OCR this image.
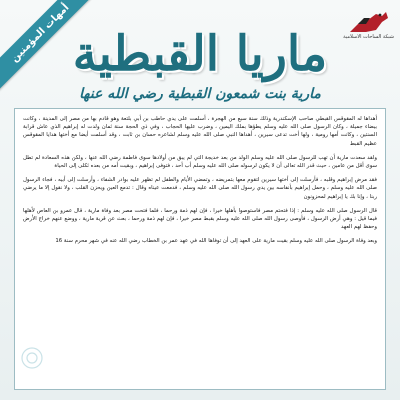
أمهات المؤمنين	شبكة الساحات الاسلامية
ماريا القبطية
مارية بنت شمعون القبطية رضي الله عنها

أهداها له المقوقس القبطي صاحب الإسكندرية وذلك سنة سبع من الهجرة ، أسلمت على يدي حاطب بن أبي بلتعة وهو قادم بها من مصر إلى المدينة ، وكانت بيضاء جميلة ، وكان الرسول صلى الله عليه وسلم يطؤها بملك اليمين ، وضرب عليها الحجاب ، وفي ذي الحجة سنة ثمان ولدت له إبراهيم الذي عاش قرابة السنتين ، وكانت أمها رومية ، ولها أخت تدعى سيرين ، أهداها النبي صلى الله عليه وسلم لشاعره حسان بن ثابت ، وقد أسلمت أيضا مع أختها هدايا المقوقس عظيم القبط

ولقد سعدت مارية أن تهب للرسول صلى الله عليه وسلم الولد من بعد خديجة التي لم يبق من أولادها سوى فاطمة رضي الله عنها ، ولكن هذه السعادة لم تطل سوى أقل من عامين ، حيث قدر الله تعالى أن لا يكون لرسوله صلى الله عليه وسلم أب أحد ، فتوفى إبراهيم ، وبقيت أمه من بعده ثكلى إلى الحياة

فقد مرض إبراهيم وقلبه ، فأرسلت إلى أختها سيرين لتقوم معها بتمريضه ، وتمضي الأيام والطفل لم تظهر عليه بوادر الشفاء ، وأرسلت إلى أبيه ، فجاء الرسول صلى الله عليه وسلم ، وحمل إبراهيم بأنفاسه بين يدي رسول الله صلى الله عليه وسلم ، فدمعت عيناه وقال : تدمع العين ويحزن القلب ، ولا نقول إلا ما يرضي ربنا ، وإنا بك يا إبراهيم لمحزونون

قال الرسول صلى الله عليه وسلم : إذا فتحتم مصر فاستوصوا بأهلها خيرا ، فإن لهم ذمة ورحما ، فلما فتحت مصر بعد وفاة مارية ، قال عمرو بن العاص لأهلها فيما قيل : وهي أرض الرسول ، فأوصى رسول الله صلى الله عليه وسلم بقبط مصر خيرا ، فإن لهم ذمة ورحما ، بعث عن قرية مارية ، ووضع عنهم خراج الأرض وحفظ لهم العهد

وبعد وفاة الرسول صلى الله عليه وسلم بقيت مارية على العهد إلى أن توفاها الله في عهد عمر بن الخطاب رضي الله عنه في شهر محرم سنة 16
